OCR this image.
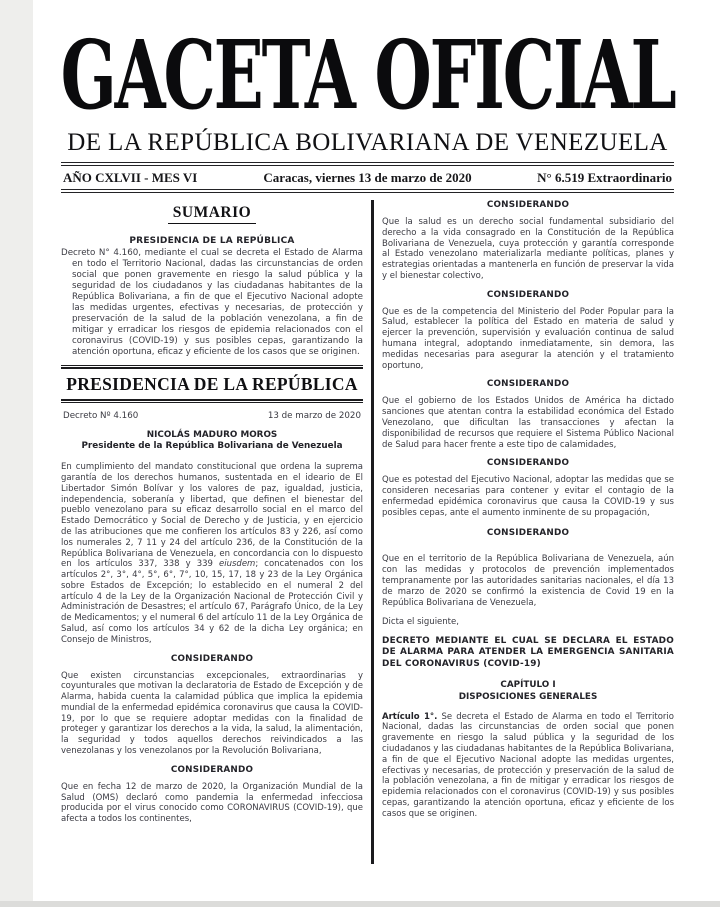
GACETA OFICIAL
DE LA REPÚBLICA BOLIVARIANA DE VENEZUELA
AÑO CXLVII - MES VI	Caracas, viernes 13 de marzo de 2020	N° 6.519 Extraordinario
SUMARIO
PRESIDENCIA DE LA REPÚBLICA

Decreto N° 4.160, mediante el cual se decreta el Estado de Alarma en todo el Territorio Nacional, dadas las circunstancias de orden social que ponen gravemente en riesgo la salud pública y la seguridad de los ciudadanos y las ciudadanas habitantes de la República Bolivariana, a fin de que el Ejecutivo Nacional adopte las medidas urgentes, efectivas y necesarias, de protección y preservación de la salud de la población venezolana, a fin de mitigar y erradicar los riesgos de epidemia relacionados con el coronavirus (COVID-19) y sus posibles cepas, garantizando la atención oportuna, eficaz y eficiente de los casos que se originen.

PRESIDENCIA DE LA REPÚBLICA
Decreto Nº 4.160	13 de marzo de 2020
NICOLÁS MADURO MOROS
Presidente de la República Bolivariana de Venezuela

En cumplimiento del mandato constitucional que ordena la suprema garantía de los derechos humanos, sustentada en el ideario de El Libertador Simón Bolívar y los valores de paz, igualdad, justicia, independencia, soberanía y libertad, que definen el bienestar del pueblo venezolano para su eficaz desarrollo social en el marco del Estado Democrático y Social de Derecho y de Justicia, y en ejercicio de las atribuciones que me confieren los artículos 83 y 226, así como los numerales 2, 7 11 y 24 del artículo 236, de la Constitución de la República Bolivariana de Venezuela, en concordancia con lo dispuesto en los artículos 337, 338 y 339 eiusdem; concatenados con los artículos 2°, 3°, 4°, 5°, 6°, 7°, 10, 15, 17, 18 y 23 de la Ley Orgánica sobre Estados de Excepción; lo establecido en el numeral 2 del artículo 4 de la Ley de la Organización Nacional de Protección Civil y Administración de Desastres; el artículo 67, Parágrafo Único, de la Ley de Medicamentos; y el numeral 6 del artículo 11 de la Ley Orgánica de Salud, así como los artículos 34 y 62 de la dicha Ley orgánica; en Consejo de Ministros,

CONSIDERANDO

Que existen circunstancias excepcionales, extraordinarias y coyunturales que motivan la declaratoria de Estado de Excepción y de Alarma, habida cuenta la calamidad pública que implica la epidemia mundial de la enfermedad epidémica coronavirus que causa la COVID-19, por lo que se requiere adoptar medidas con la finalidad de proteger y garantizar los derechos a la vida, la salud, la alimentación, la seguridad y todos aquellos derechos reivindicados a las venezolanas y los venezolanos por la Revolución Bolivariana,

CONSIDERANDO

Que en fecha 12 de marzo de 2020, la Organización Mundial de la Salud (OMS) declaró como pandemia la enfermedad infecciosa producida por el virus conocido como CORONAVIRUS (COVID-19), que afecta a todos los continentes,

CONSIDERANDO

Que la salud es un derecho social fundamental subsidiario del derecho a la vida consagrado en la Constitución de la República Bolivariana de Venezuela, cuya protección y garantía corresponde al Estado venezolano materializarla mediante políticas, planes y estrategias orientadas a mantenerla en función de preservar la vida y el bienestar colectivo,

CONSIDERANDO

Que es de la competencia del Ministerio del Poder Popular para la Salud, establecer la política del Estado en materia de salud y ejercer la prevención, supervisión y evaluación continua de salud humana integral, adoptando inmediatamente, sin demora, las medidas necesarias para asegurar la atención y el tratamiento oportuno,

CONSIDERANDO

Que el gobierno de los Estados Unidos de América ha dictado sanciones que atentan contra la estabilidad económica del Estado Venezolano, que dificultan las transacciones y afectan la disponibilidad de recursos que requiere el Sistema Público Nacional de Salud para hacer frente a este tipo de calamidades,

CONSIDERANDO

Que es potestad del Ejecutivo Nacional, adoptar las medidas que se consideren necesarias para contener y evitar el contagio de la enfermedad epidémica coronavirus que causa la COVID-19 y sus posibles cepas, ante el aumento inminente de su propagación,

CONSIDERANDO

Que en el territorio de la República Bolivariana de Venezuela, aún con las medidas y protocolos de prevención implementados tempranamente por las autoridades sanitarias nacionales, el día 13 de marzo de 2020 se confirmó la existencia de Covid 19 en la República Bolivariana de Venezuela,

Dicta el siguiente,

DECRETO MEDIANTE EL CUAL SE DECLARA EL ESTADO DE ALARMA PARA ATENDER LA EMERGENCIA SANITARIA DEL CORONAVIRUS (COVID-19)

CAPÍTULO I
DISPOSICIONES GENERALES

Artículo 1°. Se decreta el Estado de Alarma en todo el Territorio Nacional, dadas las circunstancias de orden social que ponen gravemente en riesgo la salud pública y la seguridad de los ciudadanos y las ciudadanas habitantes de la República Bolivariana, a fin de que el Ejecutivo Nacional adopte las medidas urgentes, efectivas y necesarias, de protección y preservación de la salud de la población venezolana, a fin de mitigar y erradicar los riesgos de epidemia relacionados con el coronavirus (COVID-19) y sus posibles cepas, garantizando la atención oportuna, eficaz y eficiente de los casos que se originen.
